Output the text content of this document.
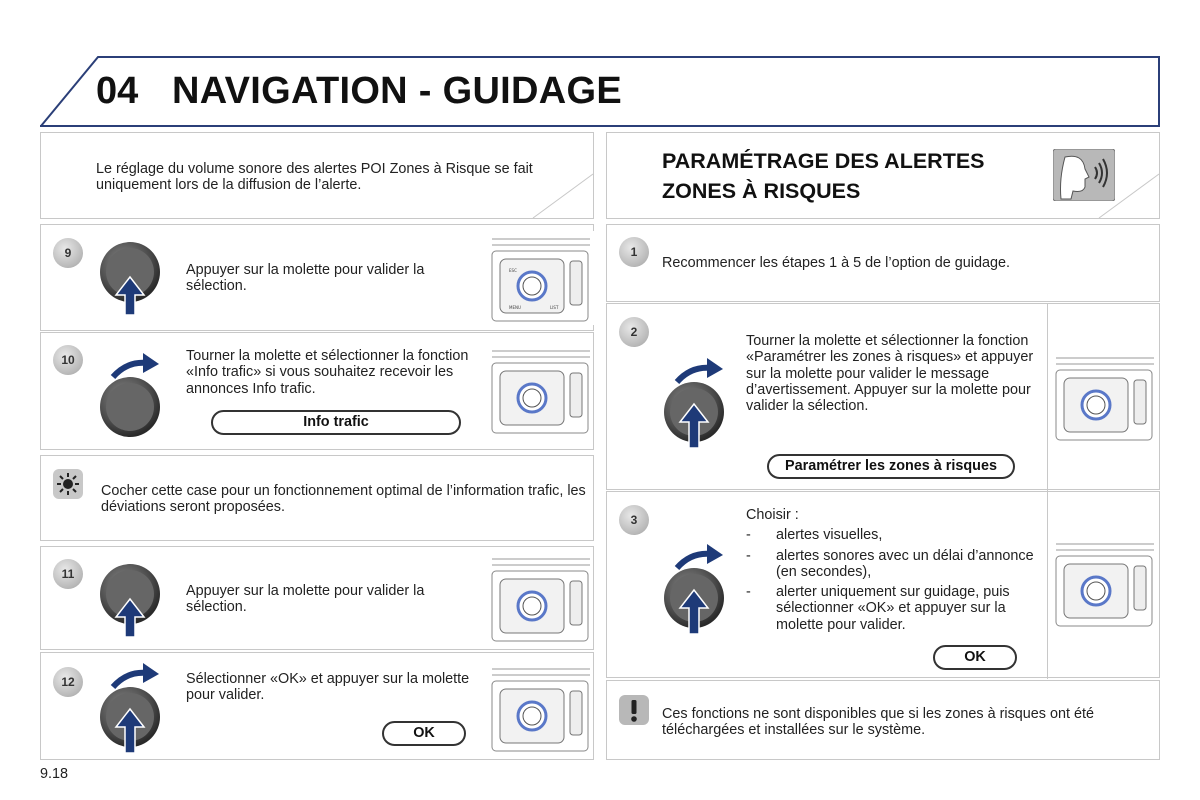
04 NAVIGATION - GUIDAGE
Le réglage du volume sonore des alertes POI Zones à Risque se fait uniquement lors de la diffusion de l’alerte.
9
Appuyer sur la molette pour valider la sélection.
ESC
MENU	LIST
10	Tourner la molette et sélectionner la fonction «Info trafic» si vous souhaitez recevoir les annonces Info trafic.
Info trafic
Cocher cette case pour un fonctionnement optimal de l’information trafic, les déviations seront proposées.
11
Appuyer sur la molette pour valider la sélection.
12	Sélectionner «OK» et appuyer sur la molette pour valider.
OK
PARAMÉTRAGE DES ALERTES
ZONES À RISQUES
1
Recommencer les étapes 1 à 5 de l’option de guidage.
2
Tourner la molette et sélectionner la fonction «Paramétrer les zones à risques» et appuyer sur la molette pour valider le message d’avertissement. Appuyer sur la molette pour valider la sélection.
Paramétrer les zones à risques
3	Choisir :
- alertes visuelles,
- alertes sonores avec un délai d’annonce (en secondes),
- alerter uniquement sur guidage, puis sélectionner «OK» et appuyer sur la molette pour valider.
OK
Ces fonctions ne sont disponibles que si les zones à risques ont été téléchargées et installées sur le système.
9.18
